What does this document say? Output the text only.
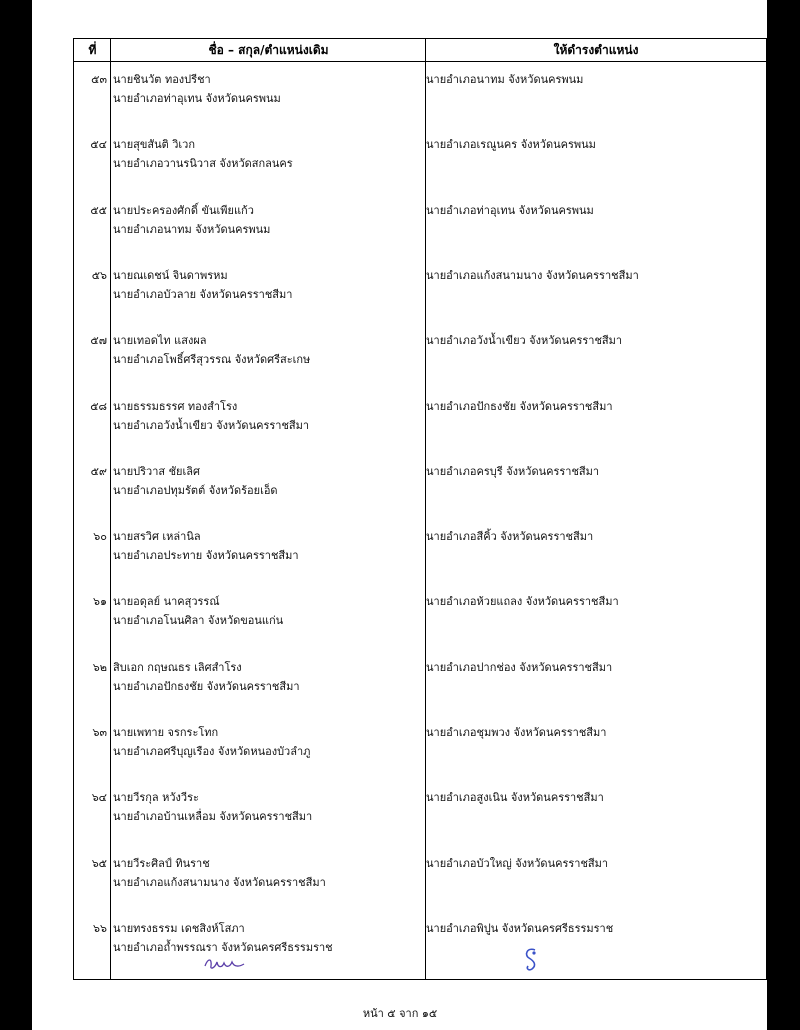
ที่	ชื่อ – สกุล/ตำแหน่งเดิม	ให้ดำรงตำแหน่ง
๕๓ นายชินวัต ทองปรีชา
นายอำเภอท่าอุเทน จังหวัดนครพนม
นายอำเภอนาทม จังหวัดนครพนม
๕๔ นายสุขสันติ วิเวก
นายอำเภอวานรนิวาส จังหวัดสกลนคร
นายอำเภอเรณูนคร จังหวัดนครพนม
๕๕ นายประครองศักดิ์ ขันเพียแก้ว
นายอำเภอนาทม จังหวัดนครพนม
นายอำเภอท่าอุเทน จังหวัดนครพนม
๕๖ นายณเดชน์ จินดาพรหม
นายอำเภอบัวลาย จังหวัดนครราชสีมา
นายอำเภอแก้งสนามนาง จังหวัดนครราชสีมา
๕๗ นายเทอดไท แสงผล
นายอำเภอโพธิ์ศรีสุวรรณ จังหวัดศรีสะเกษ
นายอำเภอวังน้ำเขียว จังหวัดนครราชสีมา
๕๘ นายธรรมธรรศ ทองสำโรง
นายอำเภอวังน้ำเขียว จังหวัดนครราชสีมา
นายอำเภอปักธงชัย จังหวัดนครราชสีมา
๕๙ นายปริวาส ชัยเลิศ
นายอำเภอปทุมรัตต์ จังหวัดร้อยเอ็ด
นายอำเภอครบุรี จังหวัดนครราชสีมา
๖๐ นายสรวิศ เหล่านิล
นายอำเภอประทาย จังหวัดนครราชสีมา
นายอำเภอสีคิ้ว จังหวัดนครราชสีมา
๖๑ นายอดุลย์ นาคสุวรรณ์
นายอำเภอโนนศิลา จังหวัดขอนแก่น
นายอำเภอห้วยแถลง จังหวัดนครราชสีมา
๖๒ สิบเอก กฤษณธร เลิศสำโรง
นายอำเภอปักธงชัย จังหวัดนครราชสีมา
นายอำเภอปากช่อง จังหวัดนครราชสีมา
๖๓ นายเพทาย จรกระโทก
นายอำเภอศรีบุญเรือง จังหวัดหนองบัวลำภู
นายอำเภอชุมพวง จังหวัดนครราชสีมา
๖๔ นายวีรกุล หวังวีระ
นายอำเภอบ้านเหลื่อม จังหวัดนครราชสีมา
นายอำเภอสูงเนิน จังหวัดนครราชสีมา
๖๕ นายวีระศิลป์ ทินราช
นายอำเภอแก้งสนามนาง จังหวัดนครราชสีมา
นายอำเภอบัวใหญ่ จังหวัดนครราชสีมา
๖๖ นายทรงธรรม เดชสิงห์โสภา
นายอำเภอถ้ำพรรณรา จังหวัดนครศรีธรรมราช
นายอำเภอพิปูน จังหวัดนครศรีธรรมราช
หน้า ๕ จาก ๑๕
